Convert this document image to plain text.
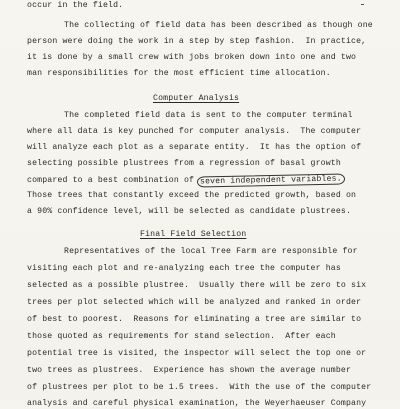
occur in the field.
The collecting of field data has been described as though one
person were doing the work in a step by step fashion.  In practice,
it is done by a small crew with jobs broken down into one and two
man responsibilities for the most efficient time allocation.
Computer Analysis
The completed field data is sent to the computer terminal
where all data is key punched for computer analysis.  The computer
will analyze each plot as a separate entity.  It has the option of
selecting possible plustrees from a regression of basal growth
compared to a best combination of seven independent variables.
Those trees that constantly exceed the predicted growth, based on
a 90% confidence level, will be selected as candidate plustrees.
Final Field Selection
Representatives of the local Tree Farm are responsible for
visiting each plot and re-analyzing each tree the computer has
selected as a possible plustree.  Usually there will be zero to six
trees per plot selected which will be analyzed and ranked in order
of best to poorest.  Reasons for eliminating a tree are similar to
those quoted as requirements for stand selection.  After each
potential tree is visited, the inspector will select the top one or
two trees as plustrees.  Experience has shown the average number
of plustrees per plot to be 1.5 trees.  With the use of the computer
analysis and careful physical examination, the Weyerhaeuser Company
